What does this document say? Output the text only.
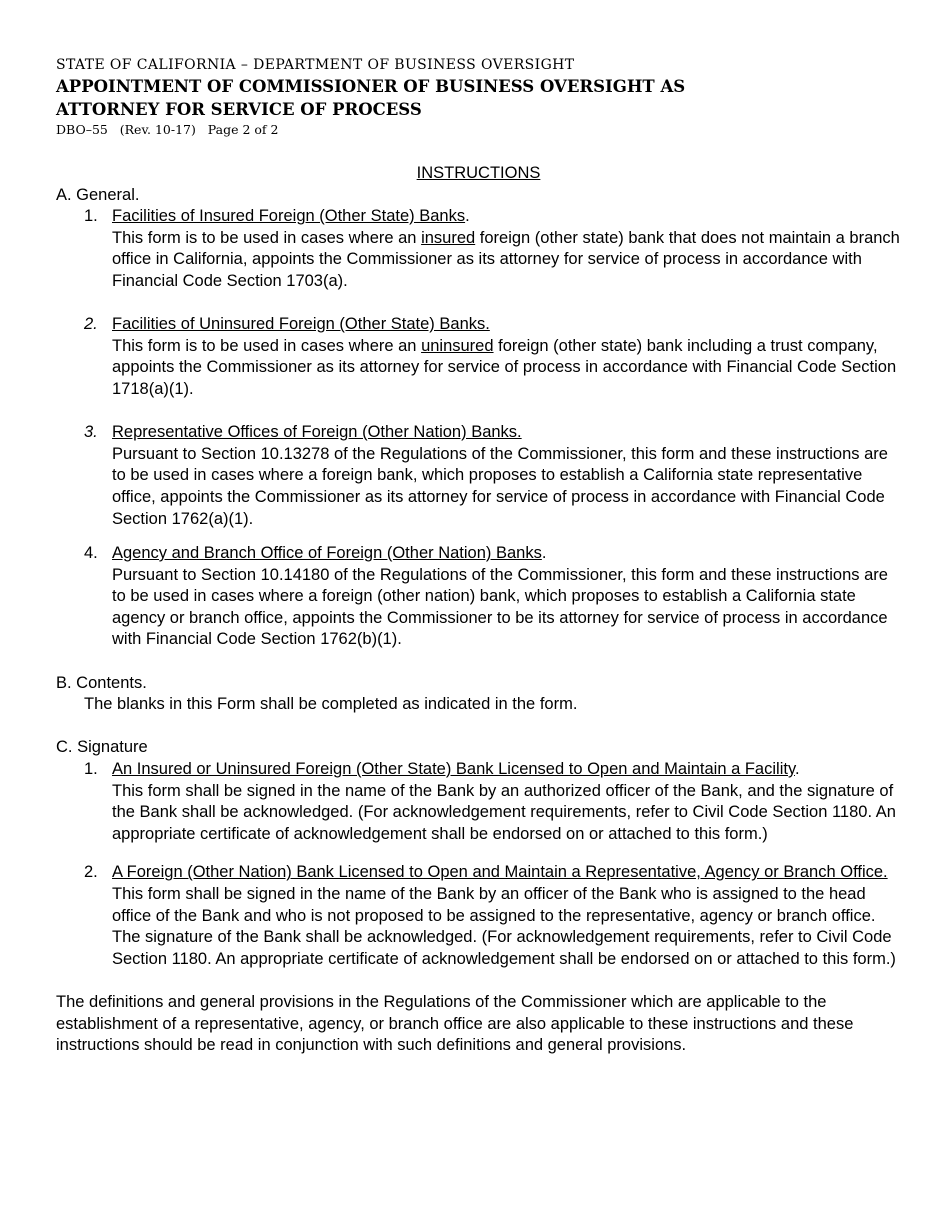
STATE OF CALIFORNIA – DEPARTMENT OF BUSINESS OVERSIGHT
APPOINTMENT OF COMMISSIONER OF BUSINESS OVERSIGHT AS
ATTORNEY FOR SERVICE OF PROCESS
DBO–55   (Rev. 10-17)   Page 2 of 2
INSTRUCTIONS

A. General.

1. Facilities of Insured Foreign (Other State) Banks.

This form is to be used in cases where an insured foreign (other state) bank that does not maintain a branch office in California, appoints the Commissioner as its attorney for service of process in accordance with Financial Code Section 1703(a).

2. Facilities of Uninsured Foreign (Other State) Banks.

This form is to be used in cases where an uninsured foreign (other state) bank including a trust company, appoints the Commissioner as its attorney for service of process in accordance with Financial Code Section 1718(a)(1).

3. Representative Offices of Foreign (Other Nation) Banks.

Pursuant to Section 10.13278 of the Regulations of the Commissioner, this form and these instructions are to be used in cases where a foreign bank, which proposes to establish a California state representative office, appoints the Commissioner as its attorney for service of process in accordance with Financial Code Section 1762(a)(1).

4. Agency and Branch Office of Foreign (Other Nation) Banks.

Pursuant to Section 10.14180 of the Regulations of the Commissioner, this form and these instructions are to be used in cases where a foreign (other nation) bank, which proposes to establish a California state agency or branch office, appoints the Commissioner to be its attorney for service of process in accordance with Financial Code Section 1762(b)(1).

B. Contents.

The blanks in this Form shall be completed as indicated in the form.

C. Signature

1. An Insured or Uninsured Foreign (Other State) Bank Licensed to Open and Maintain a Facility.

This form shall be signed in the name of the Bank by an authorized officer of the Bank, and the signature of the Bank shall be acknowledged. (For acknowledgement requirements, refer to Civil Code Section 1180. An appropriate certificate of acknowledgement shall be endorsed on or attached to this form.)

2. A Foreign (Other Nation) Bank Licensed to Open and Maintain a Representative, Agency or Branch Office.

This form shall be signed in the name of the Bank by an officer of the Bank who is assigned to the head office of the Bank and who is not proposed to be assigned to the representative, agency or branch office. The signature of the Bank shall be acknowledged. (For acknowledgement requirements, refer to Civil Code Section 1180. An appropriate certificate of acknowledgement shall be endorsed on or attached to this form.)

The definitions and general provisions in the Regulations of the Commissioner which are applicable to the establishment of a representative, agency, or branch office are also applicable to these instructions and these instructions should be read in conjunction with such definitions and general provisions.
